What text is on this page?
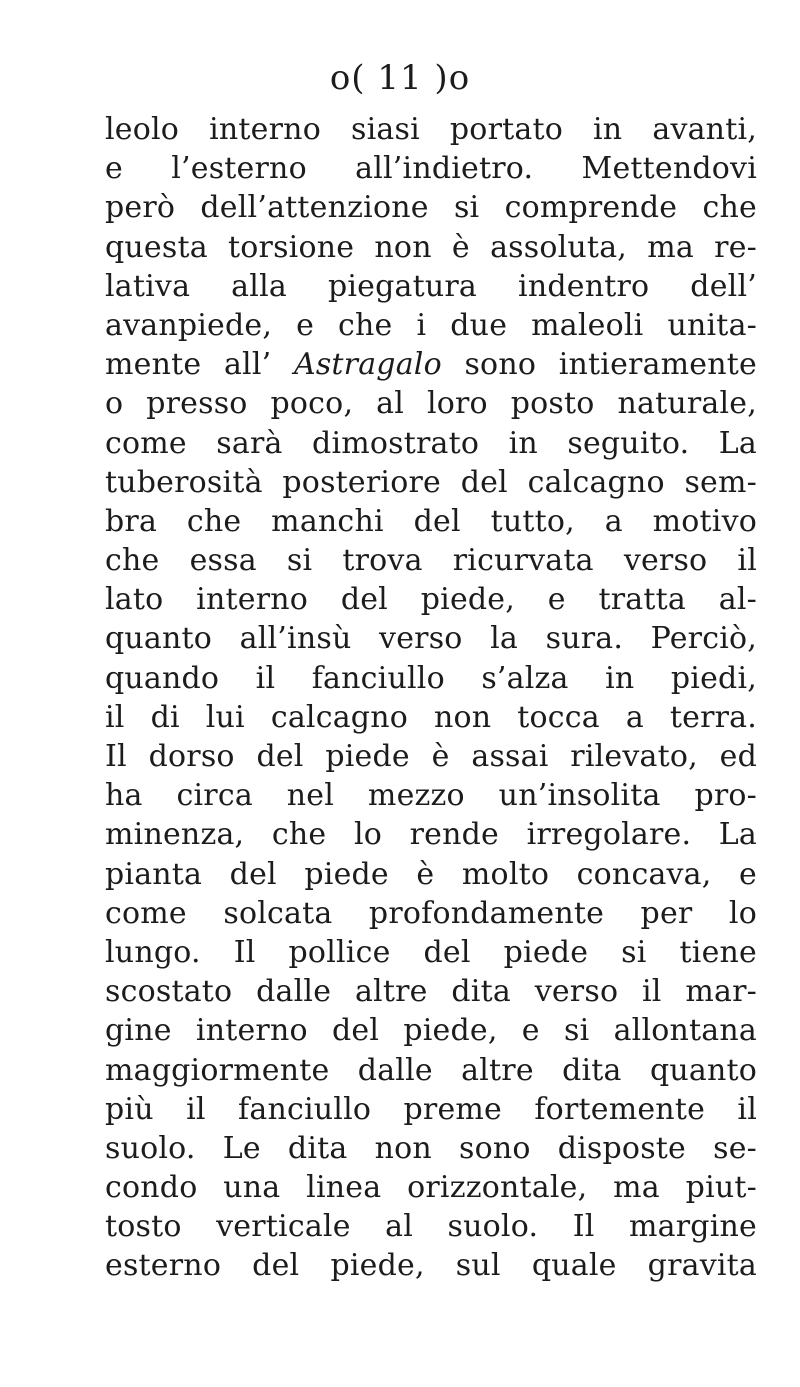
o( 11 )o
leolo interno siasi portato in avanti,
e l’esterno all’indietro. Mettendovi
però dell’attenzione si comprende che
questa torsione non è assoluta, ma re-
lativa alla piegatura indentro dell’
avanpiede, e che i due maleoli unita-
mente all’ Astragalo sono intieramente
o presso poco, al loro posto naturale,
come sarà dimostrato in seguito. La
tuberosità posteriore del calcagno sem-
bra che manchi del tutto, a motivo
che essa si trova ricurvata verso il
lato interno del piede, e tratta al-
quanto all’insù verso la sura. Perciò,
quando il fanciullo s’alza in piedi,
il di lui calcagno non tocca a terra.
Il dorso del piede è assai rilevato, ed
ha circa nel mezzo un’insolita pro-
minenza, che lo rende irregolare. La
pianta del piede è molto concava, e
come solcata profondamente per lo
lungo. Il pollice del piede si tiene
scostato dalle altre dita verso il mar-
gine interno del piede, e si allontana
maggiormente dalle altre dita quanto
più il fanciullo preme fortemente il
suolo. Le dita non sono disposte se-
condo una linea orizzontale, ma piut-
tosto verticale al suolo. Il margine
esterno del piede, sul quale gravita
